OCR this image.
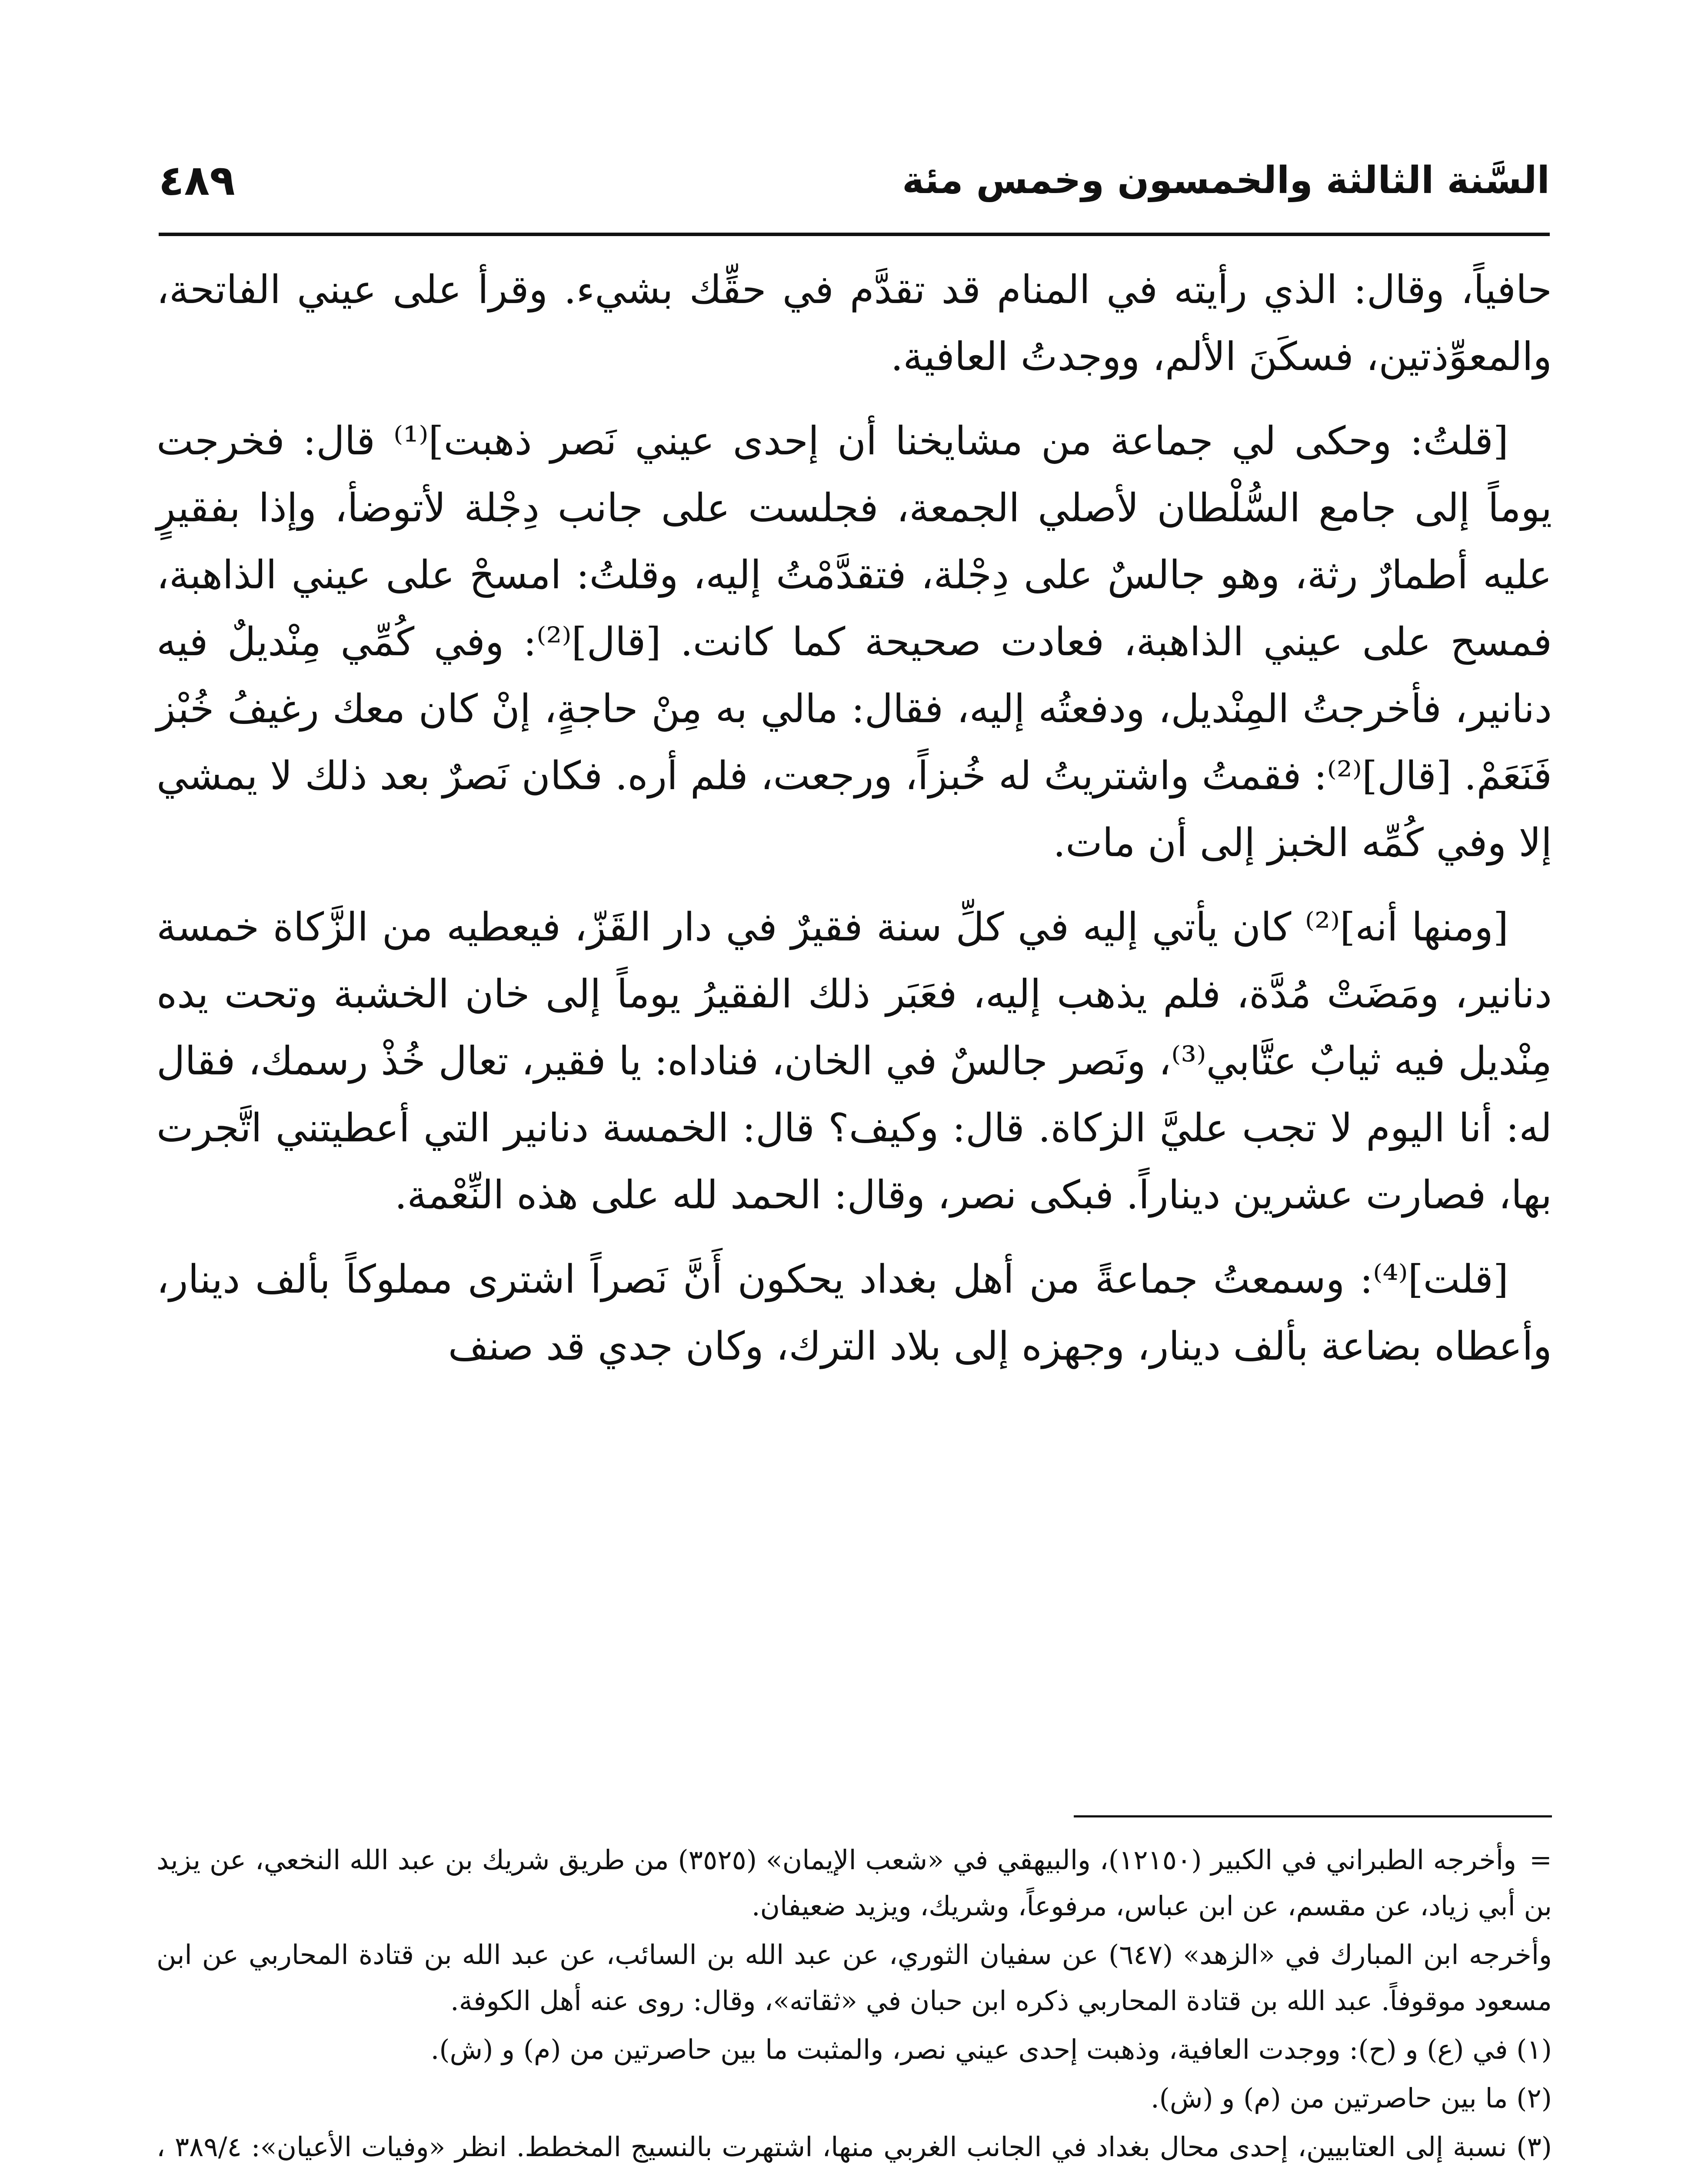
السَّنة الثالثة والخمسون وخمس مئة
٤٨٩

حافياً، وقال: الذي رأيته في المنام قد تقدَّم في حقِّك بشيء. وقرأ على عيني الفاتحة، والمعوِّذتين، فسكَنَ الألم، ووجدتُ العافية.

[قلتُ: وحكى لي جماعة من مشايخنا أن إحدى عيني نَصر ذهبت]⁽¹⁾ قال: فخرجت يوماً إلى جامع السُّلْطان لأصلي الجمعة، فجلست على جانب دِجْلة لأتوضأ، وإذا بفقيرٍ عليه أطمارٌ رثة، وهو جالسٌ على دِجْلة، فتقدَّمْتُ إليه، وقلتُ: امسحْ على عيني الذاهبة، فمسح على عيني الذاهبة، فعادت صحيحة كما كانت. [قال]⁽²⁾: وفي كُمِّي مِنْديلٌ فيه دنانير، فأخرجتُ المِنْديل، ودفعتُه إليه، فقال: مالي به مِنْ حاجةٍ، إنْ كان معك رغيفُ خُبْز فَنَعَمْ. [قال]⁽²⁾: فقمتُ واشتريتُ له خُبزاً، ورجعت، فلم أره. فكان نَصرٌ بعد ذلك لا يمشي إلا وفي كُمِّه الخبز إلى أن مات.

[ومنها أنه]⁽²⁾ كان يأتي إليه في كلِّ سنة فقيرٌ في دار القَزّ، فيعطيه من الزَّكاة خمسة دنانير، ومَضَتْ مُدَّة، فلم يذهب إليه، فعَبَر ذلك الفقيرُ يوماً إلى خان الخشبة وتحت يده مِنْديل فيه ثيابٌ عتَّابي⁽³⁾، ونَصر جالسٌ في الخان، فناداه: يا فقير، تعال خُذْ رسمك، فقال له: أنا اليوم لا تجب عليَّ الزكاة. قال: وكيف؟ قال: الخمسة دنانير التي أعطيتني اتَّجرت بها، فصارت عشرين ديناراً. فبكى نصر، وقال: الحمد لله على هذه النِّعْمة.

[قلت]⁽⁴⁾: وسمعتُ جماعةً من أهل بغداد يحكون أَنَّ نَصراً اشترى مملوكاً بألف دينار، وأعطاه بضاعة بألف دينار، وجهزه إلى بلاد الترك، وكان جدي قد صنف

=وأخرجه الطبراني في الكبير (١٢١٥٠)، والبيهقي في «شعب الإيمان» (٣٥٢٥) من طريق شريك بن عبد الله النخعي، عن يزيد بن أبي زياد، عن مقسم، عن ابن عباس، مرفوعاً، وشريك، ويزيد ضعيفان.

وأخرجه ابن المبارك في «الزهد» (٦٤٧) عن سفيان الثوري، عن عبد الله بن السائب، عن عبد الله بن قتادة المحاربي عن ابن مسعود موقوفاً. عبد الله بن قتادة المحاربي ذكره ابن حبان في «ثقاته»، وقال: روى عنه أهل الكوفة.

(١) في (ع) و (ح): ووجدت العافية، وذهبت إحدى عيني نصر، والمثبت ما بين حاصرتين من (م) و (ش).

(٢) ما بين حاصرتين من (م) و (ش).

(٣) نسبة إلى العتابيين، إحدى محال بغداد في الجانب الغربي منها، اشتهرت بالنسيج المخطط. انظر «وفيات الأعيان»: ٣٨٩/٤ ،
